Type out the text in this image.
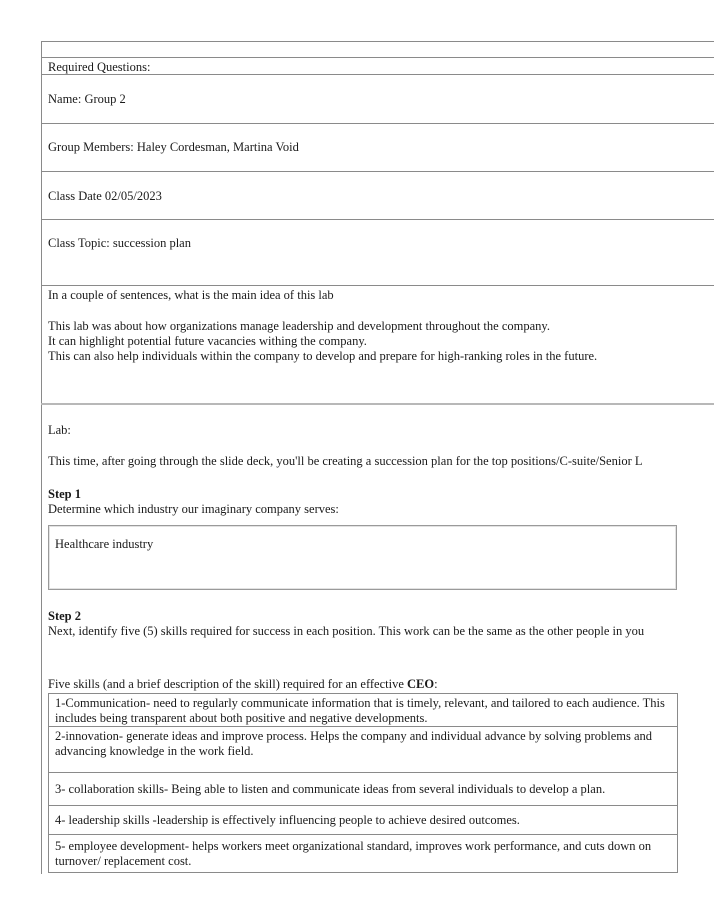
Required Questions:
Name: Group 2
Group Members: Haley Cordesman, Martina Void
Class Date 02/05/2023
Class Topic: succession plan
In a couple of sentences, what is the main idea of this lab
This lab was about how organizations manage leadership and development throughout the company.
It can highlight potential future vacancies withing the company.
This can also help individuals within the company to develop and prepare for high-ranking roles in the future.
Lab:
This time, after going through the slide deck, you'll be creating a succession plan for the top positions/C-suite/Senior L
Step 1
Determine which industry our imaginary company serves:
Healthcare industry
Step 2
Next, identify five (5) skills required for success in each position. This work can be the same as the other people in you
Five skills (and a brief description of the skill) required for an effective CEO:
1-Communication- need to regularly communicate information that is timely, relevant, and tailored to each audience. This includes being transparent about both positive and negative developments.
2-innovation- generate ideas and improve process. Helps the company and individual advance by solving problems and advancing knowledge in the work field.
3- collaboration skills- Being able to listen and communicate ideas from several individuals to develop a plan.
4- leadership skills -leadership is effectively influencing people to achieve desired outcomes.
5- employee development- helps workers meet organizational standard, improves work performance, and cuts down on turnover/ replacement cost.
